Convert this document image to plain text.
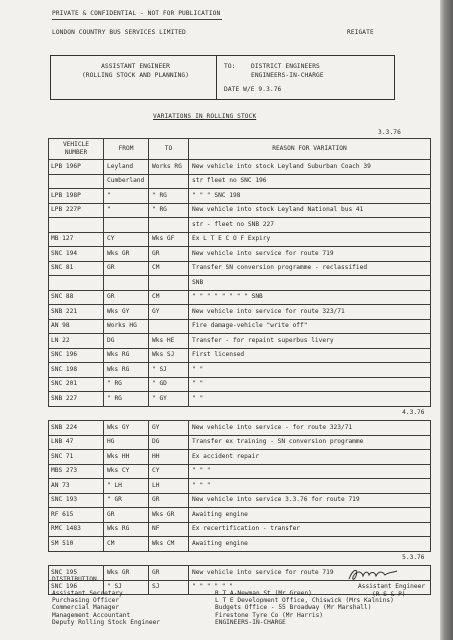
PRIVATE & CONFIDENTIAL - NOT FOR PUBLICATION
LONDON COUNTRY BUS SERVICES LIMITED	REIGATE
ASSISTANT ENGINEER
(ROLLING STOCK AND PLANNING)
TO:	DISTRICT ENGINEERS
ENGINEERS-IN-CHARGE
DATE W/E 9.3.76
VARIATIONS IN ROLLING STOCK
3.3.76
VEHICLE NUMBER	FROM	TO	REASON FOR VARIATION
LPB 196P	Leyland	Works RG	New vehicle into stock Leyland Suburban Coach 39
	Cumberland		str fleet no SNC 196
LPB 198P	"	" RG	" " " SNC 198
LPB 227P	"	" RG	New vehicle into stock Leyland National bus 41
			str - fleet no SNB 227
MB 127	CY	Wks GF	Ex L T E C O F Expiry
SNC 194	Wks GR	GR	New vehicle into service for route 719
SNC 81	GR	CM	Transfer SN conversion programme - reclassified
			SNB
SNC 88	GR	CM	" " " " " " " " SNB
SNB 221	Wks GY	GY	New vehicle into service for route 323/71
AN 98	Works HG		Fire damage-vehicle "write off"
LN 22	DG	Wks HE	Transfer - for repaint superbus livery
SNC 196	Wks RG	Wks SJ	First licensed
SNC 198	Wks RG	" SJ	" "
SNC 201	" RG	" GD	" "
SNB 227	" RG	" GY	" "
			4.3.76
SNB 224	Wks GY	GY	New vehicle into service - for route 323/71
LNB 47	HG	DG	Transfer ex training - SN conversion programme
SNC 71	Wks HH	HH	Ex accident repair
MBS 273	Wks CY	CY	" " "
AN 73	" LH	LH	" " "
SNC 193	" GR	GR	New vehicle into service 3.3.76 for route 719
RF 615	GR	Wks GR	Awaiting engine
RMC 1483	Wks RG	NF	Ex recertification - transfer
SM 510	CM	Wks CM	Awaiting engine
			5.3.76
SNC 195	Wks GR	GR	New vehicle into service for route 719
SNC 196	" SJ	SJ	" " " " " "
DISTRIBUTION
Assistant Secretary
Purchasing Officer
Commercial Manager
Management Accountant
Deputy Rolling Stock Engineer
Assistant Engineer
(R S & P)
R T A-Newman St (Mr Green)
L T E Development Office, Chiswick (Mrs Kalnins)
Budgets Office - 55 Broadway (Mr Marshall)
Firestone Tyre Co (Mr Harris)
ENGINEERS-IN-CHARGE
